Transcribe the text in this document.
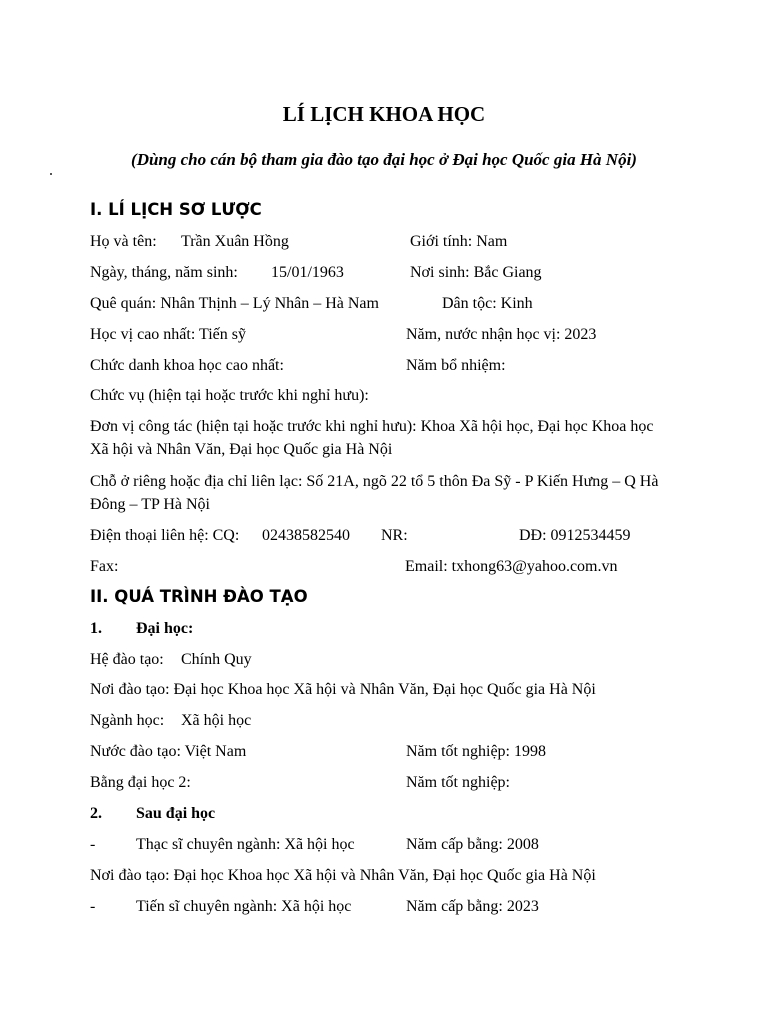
LÍ LỊCH KHOA HỌC
(Dùng cho cán bộ tham gia đào tạo đại học ở Đại học Quốc gia Hà Nội)
I. LÍ LỊCH SƠ LƯỢC
Họ và tên: Trần Xuân Hồng	Giới tính: Nam
Ngày, tháng, năm sinh: 15/01/1963	Nơi sinh: Bắc Giang
Quê quán: Nhân Thịnh – Lý Nhân – Hà Nam	Dân tộc: Kinh
Học vị cao nhất: Tiến sỹ	Năm, nước nhận học vị: 2023
Chức danh khoa học cao nhất:	Năm bổ nhiệm:
Chức vụ (hiện tại hoặc trước khi nghỉ hưu):
Đơn vị công tác (hiện tại hoặc trước khi nghỉ hưu): Khoa Xã hội học, Đại học Khoa học
Xã hội và Nhân Văn, Đại học Quốc gia Hà Nội
Chỗ ở riêng hoặc địa chỉ liên lạc: Số 21A, ngõ 22 tổ 5 thôn Đa Sỹ - P Kiến Hưng – Q Hà
Đông – TP Hà Nội
Điện thoại liên hệ: CQ: 02438582540 NR:	DĐ: 0912534459
Fax:	Email: txhong63@yahoo.com.vn
II. QUÁ TRÌNH ĐÀO TẠO
1. Đại học:
Hệ đào tạo: Chính Quy
Nơi đào tạo: Đại học Khoa học Xã hội và Nhân Văn, Đại học Quốc gia Hà Nội
Ngành học: Xã hội học
Nước đào tạo: Việt Nam	Năm tốt nghiệp: 1998
Bằng đại học 2:	Năm tốt nghiệp:
2. Sau đại học
-	Thạc sĩ chuyên ngành: Xã hội học	Năm cấp bằng: 2008
Nơi đào tạo: Đại học Khoa học Xã hội và Nhân Văn, Đại học Quốc gia Hà Nội
-	Tiến sĩ chuyên ngành: Xã hội học	Năm cấp bằng: 2023
